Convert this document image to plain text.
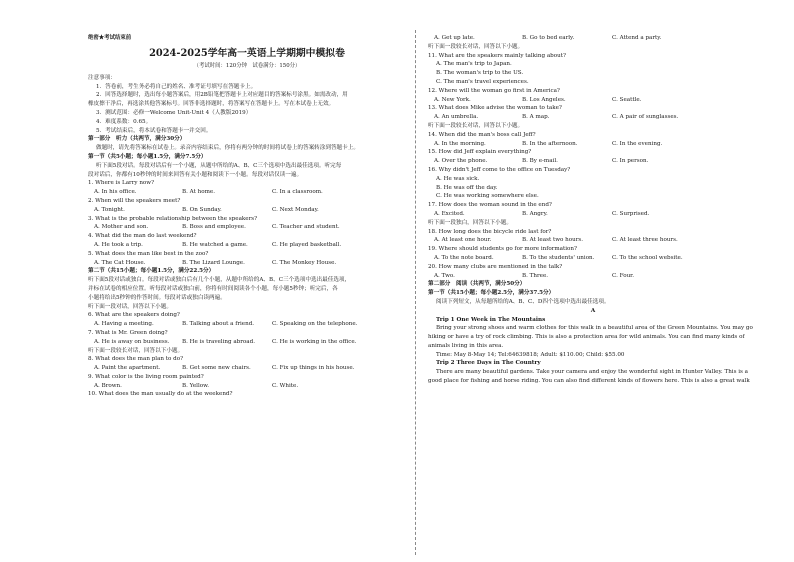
绝密★考试结束前
2024-2025学年高一英语上学期期中模拟卷
（考试时间：120分钟　试卷满分：150分）
注意事项：
1．答卷前，考生务必将自己的姓名、准考证号填写在答题卡上。
2．回答选择题时，选出每小题答案后，用2B铅笔把答题卡上对应题目的答案标号涂黑。如需改动，用
橡皮擦干净后，再选涂其他答案标号。回答非选择题时，将答案写在答题卡上。写在本试卷上无效。
3．测试范围：必修一Welcome Unit-Unit 4（人教版2019）
4．难度系数：0.65。
5．考试结束后，将本试卷和答题卡一并交回。
第一部分　听力（共两节，满分30分）
做题时，请先将答案标在试卷上。录音内容结束后，你将有两分钟的时间将试卷上的答案转涂到答题卡上。
第一节（共5小题；每小题1.5分，满分7.5分）
听下面5段对话。每段对话后有一个小题，从题中所给的A、B、C三个选项中选出最佳选项。听完每
段对话后，你都有10秒钟的时间来回答有关小题和阅读下一小题。每段对话仅读一遍。
1. Where is Larry now?
A. In his office.	B. At home.	C. In a classroom.
2. When will the speakers meet?
A. Tonight.	B. On Sunday.	C. Next Monday.
3. What is the probable relationship between the speakers?
A. Mother and son.	B. Boss and employee.	C. Teacher and student.
4. What did the man do last weekend?
A. He took a trip.	B. He watched a game.	C. He played basketball.
5. What does the man like best in the zoo?
A. The Cat House.	B. The Lizard Lounge.	C. The Monkey House.
第二节（共15小题；每小题1.5分，满分22.5分）
听下面5段对话或独白。每段对话或独白后有几个小题，从题中所给的A、B、C三个选项中选出最佳选项，
并标在试卷的相应位置。听每段对话或独白前，你将有时间阅读各个小题，每小题5秒钟；听完后，各
小题将给出5秒钟的作答时间。每段对话或独白读两遍。
听下面一段对话，回答以下小题。
6. What are the speakers doing?
A. Having a meeting.	B. Talking about a friend.	C. Speaking on the telephone.
7. What is Mr. Green doing?
A. He is away on business.	B. He is traveling abroad.	C. He is working in the office.
听下面一段较长对话，回答以下小题。
8. What does the man plan to do?
A. Paint the apartment.	B. Get some new chairs.	C. Fix up things in his house.
9. What color is the living room painted?
A. Brown.	B. Yellow.	C. White.
10. What does the man usually do at the weekend?
A. Get up late.	B. Go to bed early.	C. Attend a party.
听下面一段较长对话，回答以下小题。
11. What are the speakers mainly talking about?
A. The man's trip to Japan.
B. The woman's trip to the US.
C. The man's travel experiences.
12. Where will the woman go first in America?
A. New York.	B. Los Angeles.	C. Seattle.
13. What does Mike advise the woman to take?
A. An umbrella.	B. A map.	C. A pair of sunglasses.
听下面一段较长对话，回答以下小题。
14. When did the man's boss call Jeff?
A. In the morning.	B. In the afternoon.	C. In the evening.
15. How did Jeff explain everything?
A. Over the phone.	B. By e-mail.	C. In person.
16. Why didn't Jeff come to the office on Tuesday?
A. He was sick.
B. He was off the day.
C. He was working somewhere else.
17. How does the woman sound in the end?
A. Excited.	B. Angry.	C. Surprised.
听下面一段独白，回答以下小题。
18. How long does the bicycle ride last for?
A. At least one hour.	B. At least two hours.	C. At least three hours.
19. Where should students go for more information?
A. To the note board.	B. To the students' union.	C. To the school website.
20. How many clubs are mentioned in the talk?
A. Two.	B. Three.	C. Four.
第二部分　阅读（共两节，满分50分）
第一节（共15小题；每小题2.5分，满分37.5分）
阅读下列短文，从每题所给的A、B、C、D四个选项中选出最佳选项。
A
Trip 1 One Week in The Mountains
Bring your strong shoes and warm clothes for this walk in a beautiful area of the Green Mountains. You may go
hiking or have a try of rock climbing. This is also a protection area for wild animals. You can find many kinds of
animals living in this area.
Time: May 8-May 14; Tel:64639818; Adult: $110.00; Child: $55.00
Trip 2 Three Days in The Country
There are many beautiful gardens. Take your camera and enjoy the wonderful sight in Hunter Valley. This is a
good place for fishing and horse riding. You can also find different kinds of flowers here. This is also a great walk
